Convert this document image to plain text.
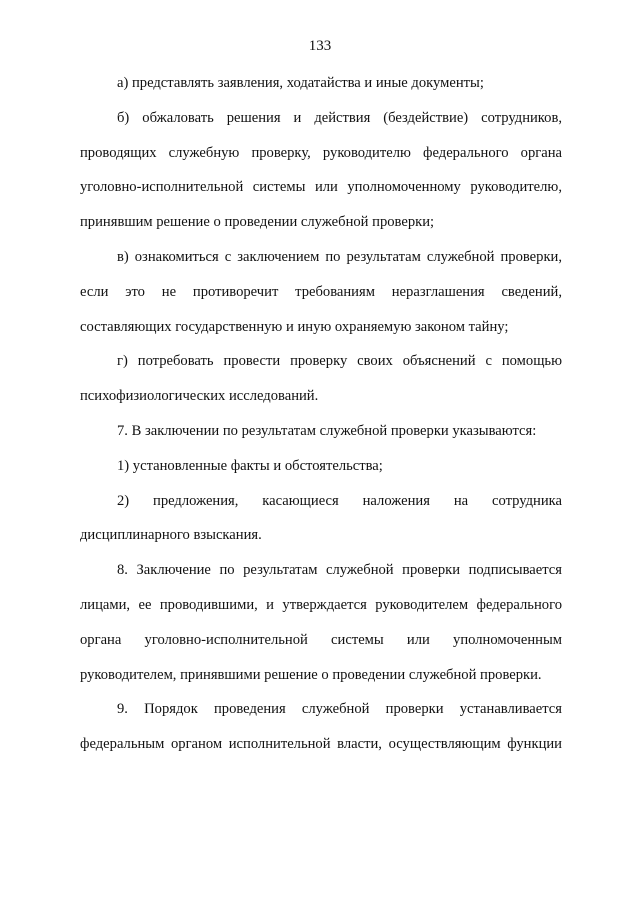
133

а) представлять заявления, ходатайства и иные документы;

б) обжаловать решения и действия (бездействие) сотрудников, проводящих служебную проверку, руководителю федерального органа уголовно-исполнительной системы или уполномоченному руководителю, принявшим решение о проведении служебной проверки;

в) ознакомиться с заключением по результатам служебной проверки, если это не противоречит требованиям неразглашения сведений, составляющих государственную и иную охраняемую законом тайну;

г) потребовать провести проверку своих объяснений с помощью психофизиологических исследований.

7. В заключении по результатам служебной проверки указываются:

1) установленные факты и обстоятельства;

2) предложения, касающиеся наложения на сотрудника дисциплинарного взыскания.

8. Заключение по результатам служебной проверки подписывается лицами, ее проводившими, и утверждается руководителем федерального органа уголовно-исполнительной системы или уполномоченным руководителем, принявшими решение о проведении служебной проверки.

9. Порядок проведения служебной проверки устанавливается федеральным органом исполнительной власти, осуществляющим функции
